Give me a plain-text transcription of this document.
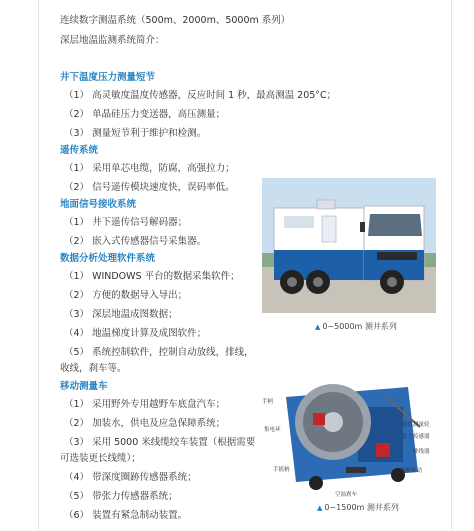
连续数字测温系统（500m、2000m、5000m 系列）
深层地温监测系统简介：
井下温度压力测量短节
（1） 高灵敏度温度传感器，反应时间 1 秒，最高测温 205°C；
（2） 单晶硅压力变送器，高压测量；
（3） 测量短节利于维护和检测。
遥传系统
（1） 采用单芯电缆，防腐，高强拉力；
（2） 信号遥传模块速度快，误码率低。
地面信号接收系统
（1） 井下遥传信号解码器；
（2） 嵌入式传感器信号采集器。
数据分析处理软件系统
（1） WINDOWS 平台的数据采集软件；
（2） 方便的数据导入导出；
（3） 深层地温成图数据；
（4） 地温梯度计算及成图软件；
（5） 系统控制软件，控制自动放线，排线，
收线，刹车等。
移动测量车
（1） 采用野外专用越野车底盘汽车；
（2） 加装水，供电及应急保障系统；
（3） 采用 5000 米线缆绞车装置（根据需要
可选装更长线缆）；
（4） 带深度圈跡传感器系统；
（5） 带张力传感器系统；
（6） 装置有紧急制动装置。
▲ 0~5000m 测井系列
手柄
集电环
手摇柄
深度测量轮
张力传感器
排线器
电机驱动
空油刹车
▲ 0~1500m 测井系列
